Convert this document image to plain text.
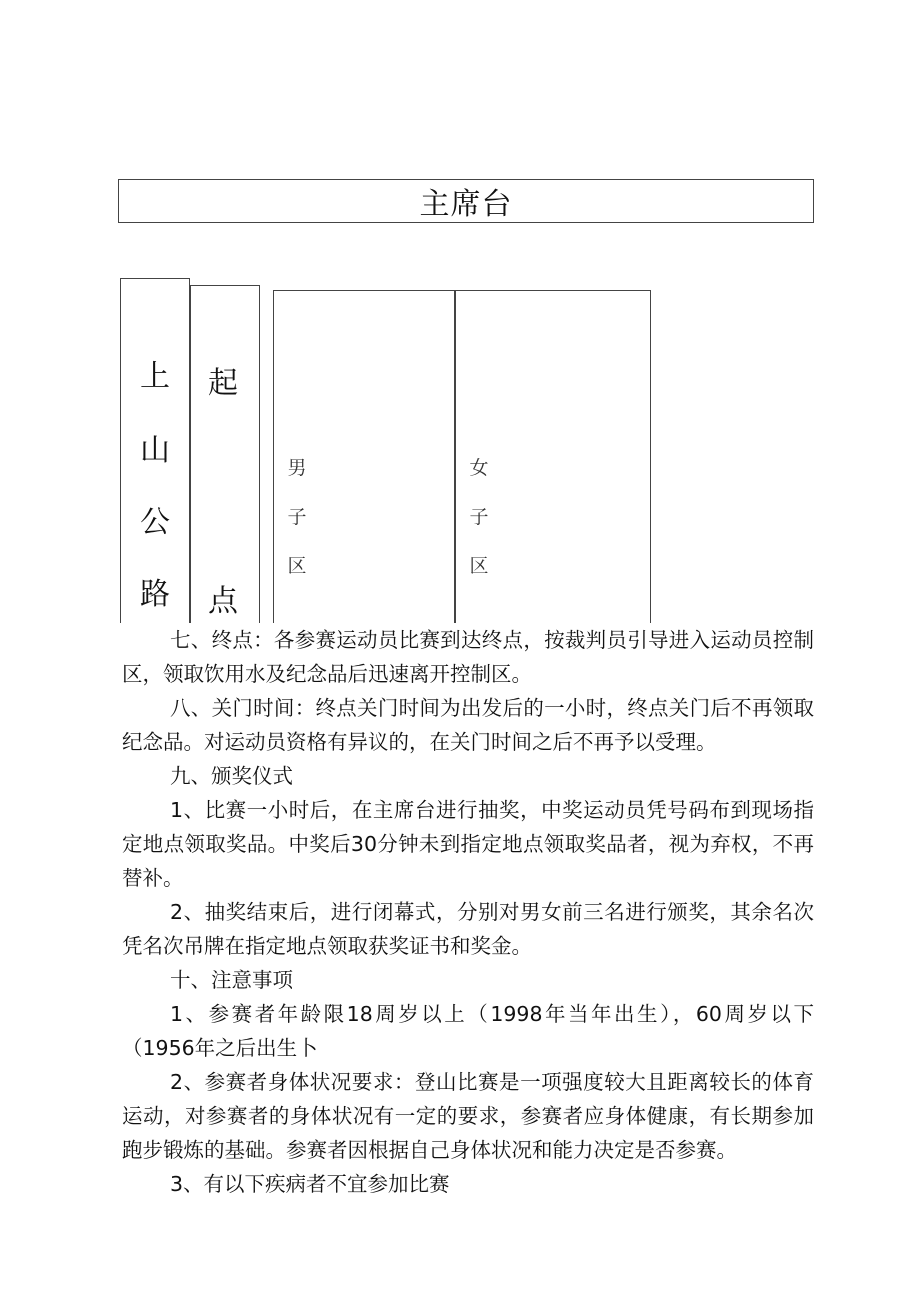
主席台
上
山
公
路
起
点
男
子
区
女
子
区

七、终点：各参赛运动员比赛到达终点，按裁判员引导进入运动员控制区，领取饮用水及纪念品后迅速离开控制区。

八、关门时间：终点关门时间为出发后的一小时，终点关门后不再领取纪念品。对运动员资格有异议的，在关门时间之后不再予以受理。

九、颁奖仪式

1、比赛一小时后，在主席台进行抽奖，中奖运动员凭号码布到现场指定地点领取奖品。中奖后30分钟未到指定地点领取奖品者，视为弃权，不再替补。

2、抽奖结束后，进行闭幕式，分别对男女前三名进行颁奖，其余名次凭名次吊牌在指定地点领取获奖证书和奖金。

十、注意事项

1、参赛者年龄限18周岁以上（1998年当年出生），60周岁以下（1956年之后出生卜

2、参赛者身体状况要求：登山比赛是一项强度较大且距离较长的体育运动，对参赛者的身体状况有一定的要求，参赛者应身体健康，有长期参加跑步锻炼的基础。参赛者因根据自己身体状况和能力决定是否参赛。

3、有以下疾病者不宜参加比赛
